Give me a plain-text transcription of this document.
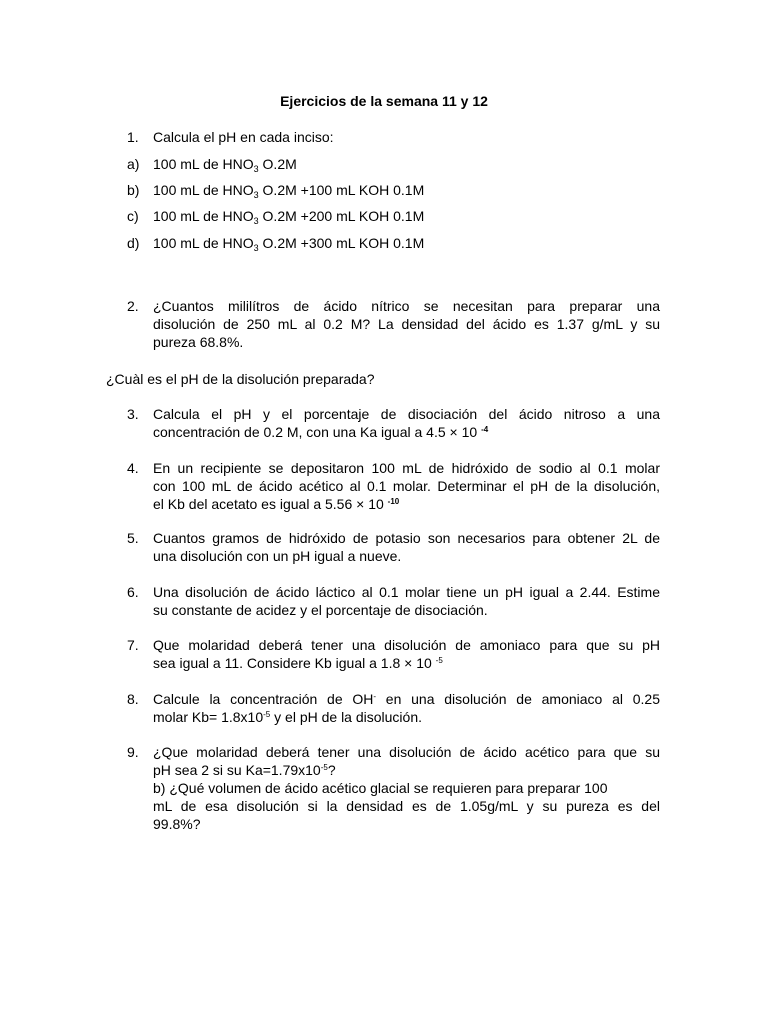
Ejercicios de la semana 11 y 12
1.	Calcula el pH en cada inciso:
a) 100 mL de $HNO_3$ O.2M
b) 100 mL de $HNO_3$ O.2M +100 mL KOH 0.1M
c)	100 mL de $HNO_3$ O.2M +200 mL KOH 0.1M
d) 100 mL de $HNO_3$ O.2M +300 mL KOH 0.1M
2.	¿Cuantos mililítros de ácido nítrico se necesitan para preparar una
disolución de 250 mL al 0.2 M? La densidad del ácido es 1.37 g/mL y su
pureza 68.8%.
¿Cuàl es el pH de la disolución preparada?
3.	Calcula el pH y el porcentaje de disociación del ácido nitroso a una
concentración de 0.2 M, con una Ka igual a 4.5 × 10 $^{-4}$
4.	En un recipiente se depositaron 100 mL de hidróxido de sodio al 0.1 molar
con 100 mL de ácido acético al 0.1 molar. Determinar el pH de la disolución,
el Kb del acetato es igual a 5.56 × 10 $^{-10}$
5.	Cuantos gramos de hidróxido de potasio son necesarios para obtener 2L de
una disolución con un pH igual a nueve.
6.	Una disolución de ácido láctico al 0.1 molar tiene un pH igual a 2.44. Estime
su constante de acidez y el porcentaje de disociación.
7.	Que molaridad deberá tener una disolución de amoniaco para que su pH
sea igual a 11. Considere Kb igual a 1.8 × 10 $^{-5}$
8.	Calcule la concentración de OH- en una disolución de amoniaco al 0.25
molar $Kb= 1.8x10^{-5}$ y el pH de la disolución.
9.	¿Que molaridad deberá tener una disolución de ácido acético para que su
pH sea 2 si su $Ka=1.79x10^{-5}$?
b) ¿Qué volumen de ácido acético glacial se requieren para preparar 100
mL de esa disolución si la densidad es de 1.05g/mL y su pureza es del
99.8%?
